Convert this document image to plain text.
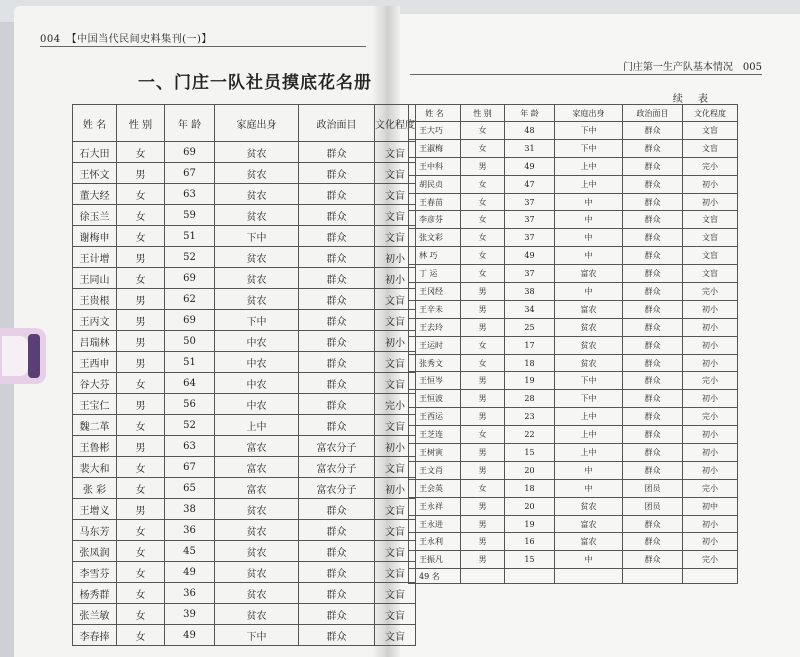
004 【中国当代民间史料集刊(一)】
门庄第一生产队基本情况 005
一、门庄一队社员摸底花名册
姓 名	性 别	年 龄	家庭出身	政治面目	文化程度
石大田	女	69	贫农	群众	文盲
王怀文	男	67	贫农	群众	文盲
董大经	女	63	贫农	群众	文盲
徐玉兰	女	59	贫农	群众	文盲
谢梅申	女	51	下中	群众	文盲
王计增	男	52	贫农	群众	初小
王同山	女	69	贫农	群众	初小
王贵根	男	62	贫农	群众	文盲
王丙文	男	69	下中	群众	文盲
吕瑞林	男	50	中农	群众	初小
王西申	男	51	中农	群众	文盲
谷大芬	女	64	中农	群众	文盲
王宝仁	男	56	中农	群众	完小
魏二革	女	52	上中	群众	文盲
王鲁彬	男	63	富农	富农分子	初小
裴大和	女	67	富农	富农分子	文盲
张 彩	女	65	富农	富农分子	初小
王增义	男	38	贫农	群众	文盲
马东芳	女	36	贫农	群众	文盲
张凤润	女	45	贫农	群众	文盲
李雪芬	女	49	贫农	群众	文盲
杨秀群	女	36	贫农	群众	文盲
张兰敏	女	39	贫农	群众	文盲
李春捧	女	49	下中	群众	文盲
续 表
姓 名	性 别	年 龄	家庭出身	政治面目	文化程度
王大巧	女	48	下中	群众	文盲
王淑梅	女	31	下中	群众	文盲
王中科	男	49	上中	群众	完小
胡民贞	女	47	上中	群众	初小
王春苗	女	37	中	群众	初小
李彦芬	女	37	中	群众	文盲
张文彩	女	37	中	群众	文盲
林 巧	女	49	中	群众	文盲
丁 运	女	37	富农	群众	文盲
王冈经	男	38	中	群众	完小
王辛未	男	34	富农	群众	初小
王去玲	男	25	贫农	群众	初小
王运时	女	17	贫农	群众	初小
张秀文	女	18	贫农	群众	初小
王恒岑	男	19	下中	群众	完小
王恒波	男	28	下中	群众	初小
王西运	男	23	上中	群众	完小
王芝连	女	22	上中	群众	初小
王树寅	男	15	上中	群众	初小
王文肖	男	20	中	群众	初小
王会英	女	18	中	团员	完小
王永祥	男	20	贫农	团员	初中
王永进	男	19	富农	群众	初小
王永利	男	16	富农	群众	初小
王振凡	男	15	中	群众	完小
49 名					
